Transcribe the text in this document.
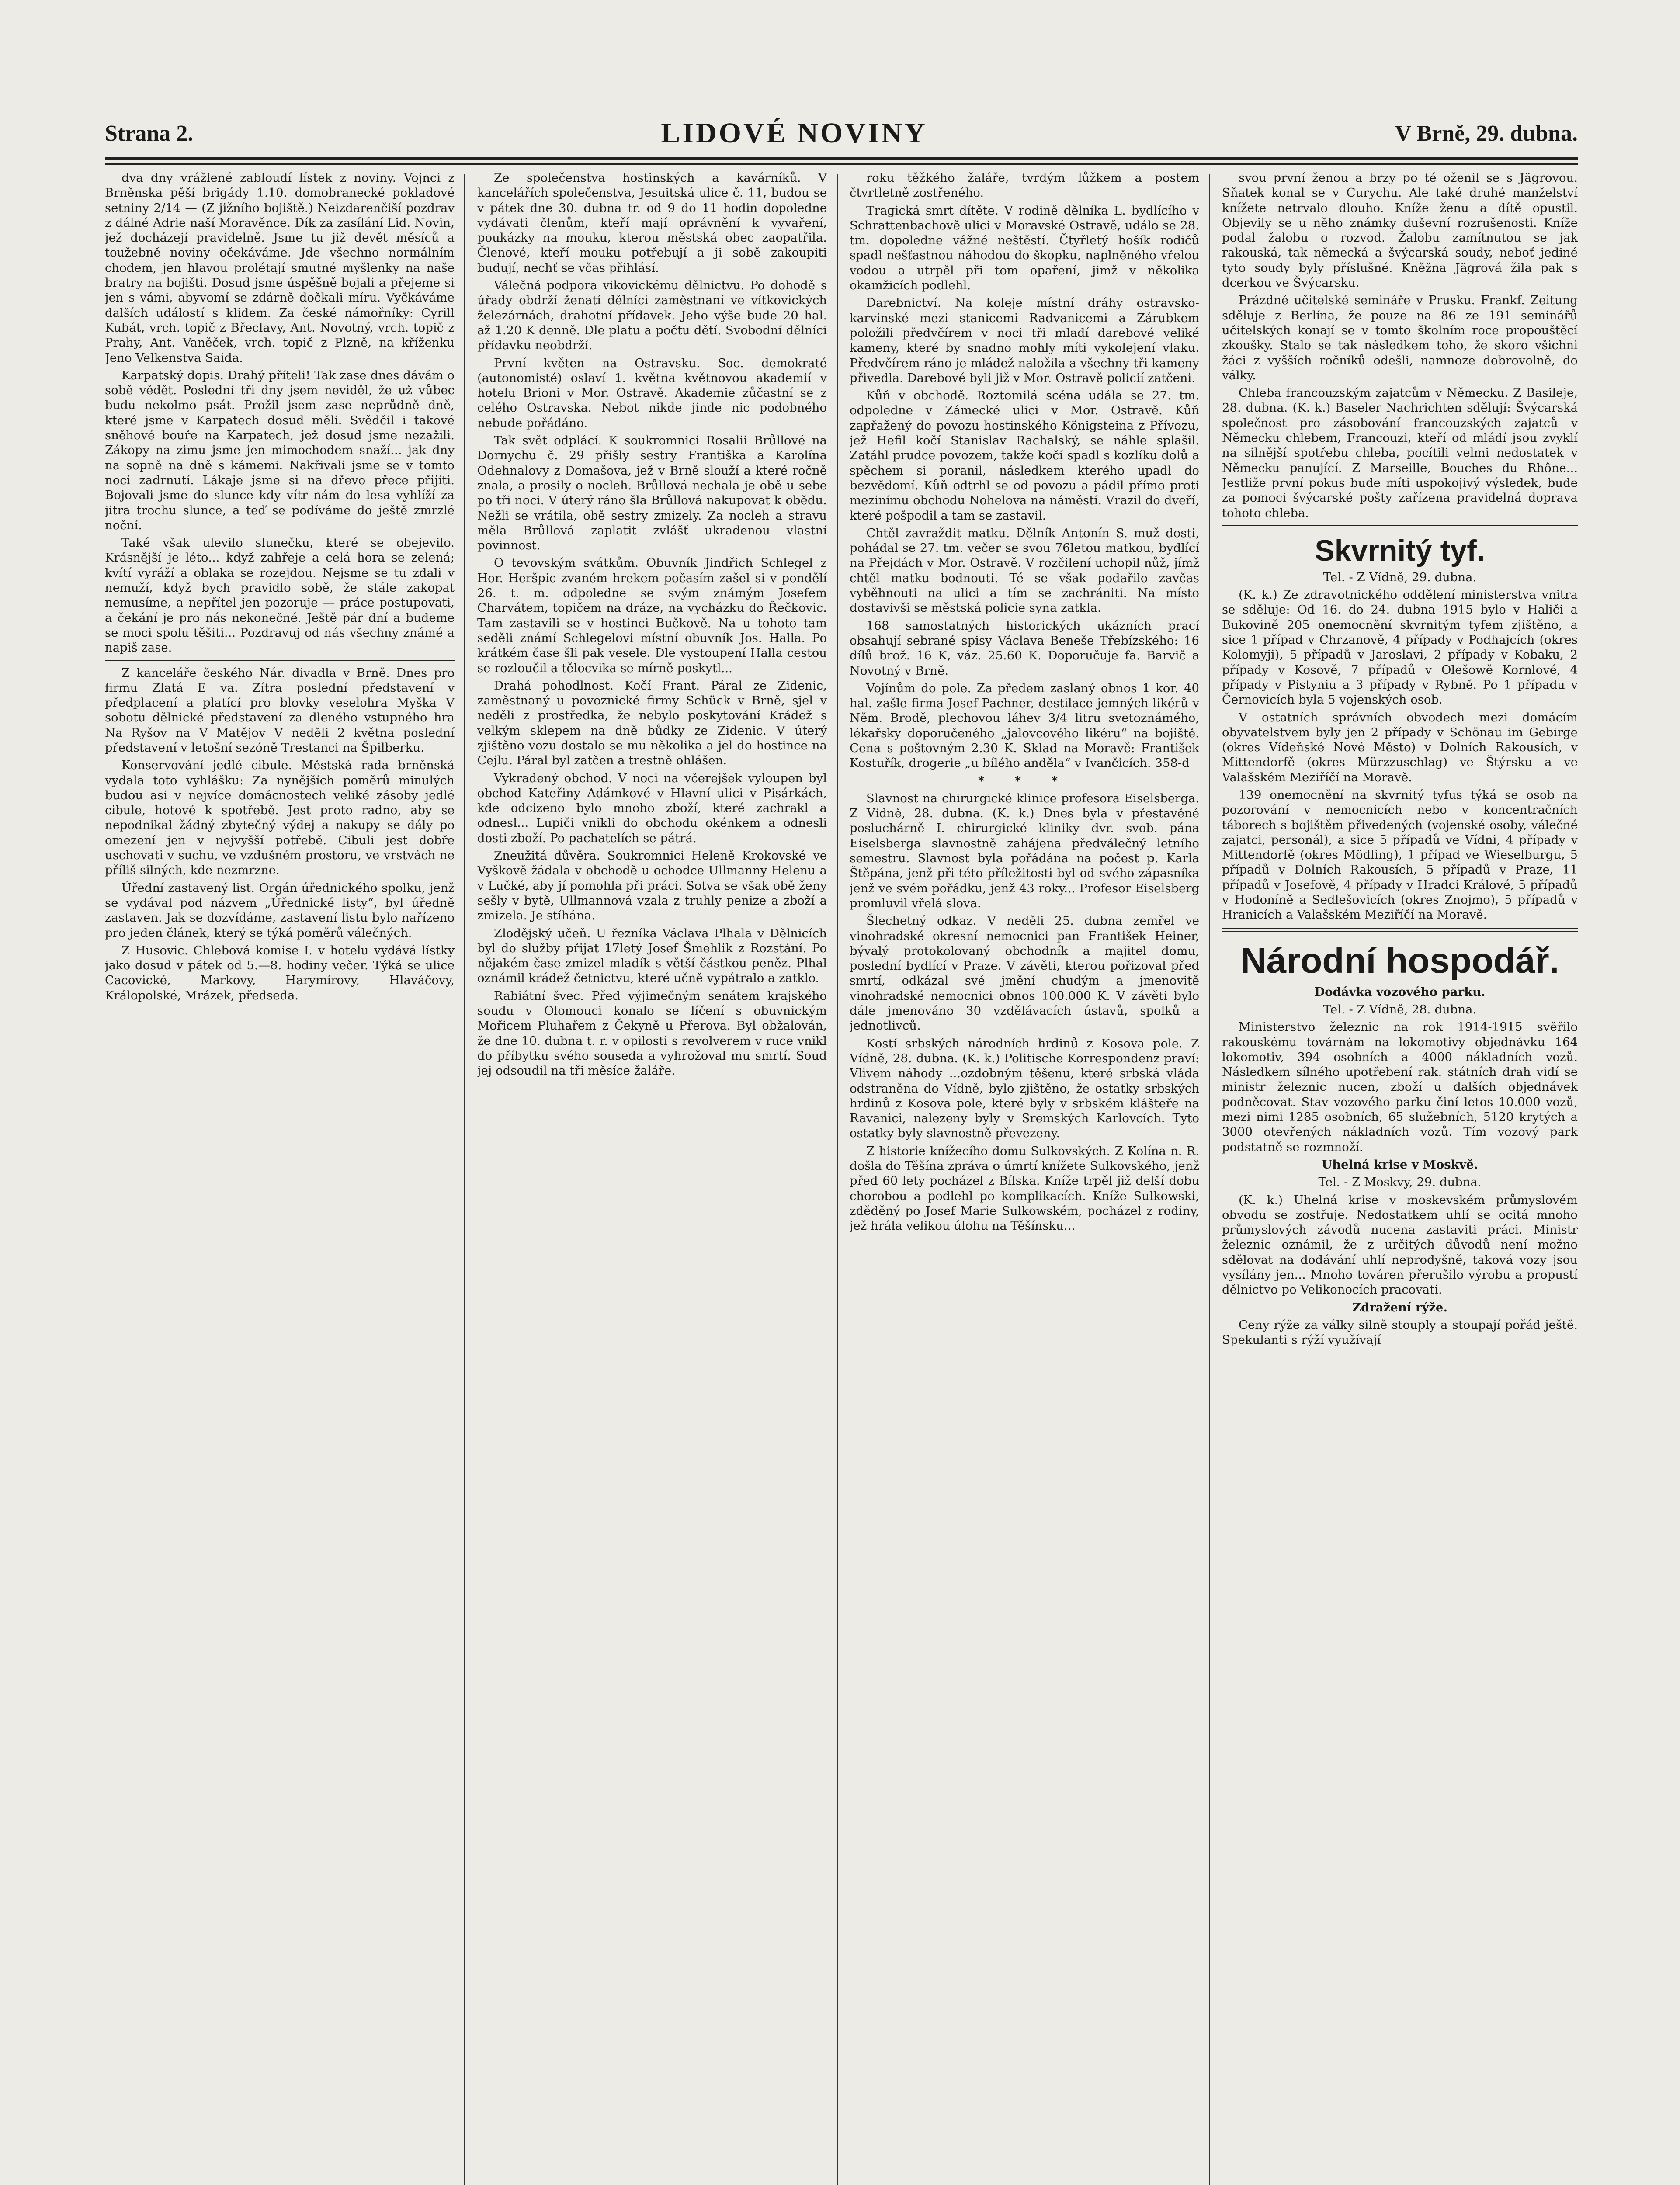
Strana 2.	LIDOVÉ NOVINY	V Brně, 29. dubna.

dva dny vrážlené zabloudí lístek z noviny. Vojnci z Brněnska pěší brigády 1.10. domobranecké pokladové setniny 2/14 — (Z jižního bojiště.) Neizdarenčiší pozdrav z dálné Adrie naší Moravěnce. Dík za zasílání Lid. Novin, jež docházejí pravidelně. Jsme tu již devět měsíců a toužebně noviny očekáváme. Jde všechno normálním chodem, jen hlavou prolétají smutné myšlenky na naše bratry na bojišti. Dosud jsme úspěšně bojali a přejeme si jen s vámi, abyvomí se zdárně dočkali míru. Vyčkáváme dalších událostí s klidem. Za české námořníky: Cyrill Kubát, vrch. topič z Břeclavy, Ant. Novotný, vrch. topič z Prahy, Ant. Vaněček, vrch. topič z Plzně, na kříženku Jeno Velkenstva Saida.

Karpatský dopis. Drahý příteli! Tak zase dnes dávám o sobě vědět. Poslední tři dny jsem neviděl, že už vůbec budu nekolmo psát. Prožil jsem zase neprůdně dně, které jsme v Karpatech dosud měli. Svědčil i takové sněhové bouře na Karpatech, jež dosud jsme nezažili. Zákopy na zimu jsme jen mimochodem snaží... jak dny na sopně na dně s kámemi. Nakřivali jsme se v tomto noci zadrnutí. Lákaje jsme si na dřevo přece přijíti. Bojovali jsme do slunce kdy vítr nám do lesa vyhlíží za jitra trochu slunce, a teď se podíváme do ještě zmrzlé noční.

Také však ulevilo slunečku, které se obejevilo. Krásnější je léto... když zahřeje a celá hora se zelená; kvítí vyráží a oblaka se rozejdou. Nejsme se tu zdali v nemuží, když bych pravidlo sobě, že stále zakopat nemusíme, a nepřítel jen pozoruje — práce postupovati, a čekání je pro nás nekonečné. Ještě pár dní a budeme se moci spolu těšiti... Pozdravuj od nás všechny známé a napiš zase.

Z kanceláře českého Nár. divadla v Brně. Dnes pro firmu Zlatá E va. Zítra poslední představení v předplacení a platící pro blovky veselohra Myška V sobotu dělnické představení za dleného vstupného hra Na Ryšov na V Matějov V neděli 2 května poslední představení v letošní sezóně Trestanci na Špilberku.

Konservování jedlé cibule. Městská rada brněnská vydala toto vyhlášku: Za nynějších poměrů minulých budou asi v nejvíce domácnostech veliké zásoby jedlé cibule, hotové k spotřebě. Jest proto radno, aby se nepodnikal žádný zbytečný výdej a nakupy se dály po omezení jen v nejvyšší potřebě. Cibuli jest dobře uschovati v suchu, ve vzdušném prostoru, ve vrstvách ne příliš silných, kde nezmrzne.

Úřední zastavený list. Orgán úřednického spolku, jenž se vydával pod názvem „Úřednické listy“, byl úředně zastaven. Jak se dozvídáme, zastavení listu bylo nařízeno pro jeden článek, který se týká poměrů válečných.

Z Husovic. Chlebová komise I. v hotelu vydává lístky jako dosud v pátek od 5.—8. hodiny večer. Týká se ulice Cacovické, Markovy, Harymírovy, Hlaváčovy, Králopolské, Mrázek, předseda.

Ze společenstva hostinských a kavárníků. V kancelářích společenstva, Jesuitská ulice č. 11, budou se v pátek dne 30. dubna tr. od 9 do 11 hodin dopoledne vydávati členům, kteří mají oprávnění k vyvaření, poukázky na mouku, kterou městská obec zaopatřila. Členové, kteří mouku potřebují a ji sobě zakoupiti budují, nechť se včas přihlásí.

Válečná podpora vikovickému dělnictvu. Po dohodě s úřady obdrží ženatí dělníci zaměstnaní ve vítkovických železárnách, drahotní přídavek. Jeho výše bude 20 hal. až 1.20 K denně. Dle platu a počtu dětí. Svobodní dělníci přídavku neobdrží.

První květen na Ostravsku. Soc. demokraté (autonomisté) oslaví 1. května květnovou akademií v hotelu Brioni v Mor. Ostravě. Akademie zůčastní se z celého Ostravska. Nebot nikde jinde nic podobného nebude pořádáno.

Tak svět odplácí. K soukromnici Rosalii Brůllové na Dornychu č. 29 přišly sestry Františka a Karolína Odehnalovy z Domašova, jež v Brně slouží a které ročně znala, a prosily o nocleh. Brůllová nechala je obě u sebe po tři noci. V úterý ráno šla Brůllová nakupovat k obědu. Nežli se vrátila, obě sestry zmizely. Za nocleh a stravu měla Brůllová zaplatit zvlášť ukradenou vlastní povinnost.

O tevovským svátkům. Obuvník Jindřich Schlegel z Hor. Heršpic zvaném hrekem počasím zašel si v pondělí 26. t. m. odpoledne se svým známým Josefem Charvátem, topičem na dráze, na vycházku do Řečkovic. Tam zastavili se v hostinci Bučkově. Na u tohoto tam seděli známí Schlegelovi místní obuvník Jos. Halla. Po krátkém čase šli pak vesele. Dle vystoupení Halla cestou se rozloučil a tělocvika se mírně poskytl...

Drahá pohodlnost. Kočí Frant. Páral ze Zidenic, zaměstnaný u povoznické firmy Schück v Brně, sjel v neděli z prostředka, že nebylo poskytování Krádež s velkým sklepem na dně bůdky ze Zidenic. V úterý zjištěno vozu dostalo se mu několika a jel do hostince na Cejlu. Páral byl zatčen a trestně ohlášen.

Vykradený obchod. V noci na včerejšek vyloupen byl obchod Kateřiny Adámkové v Hlavní ulici v Pisárkách, kde odcizeno bylo mnoho zboží, které zachrakl a odnesl... Lupiči vnikli do obchodu okénkem a odnesli dosti zboží. Po pachatelích se pátrá.

Zneužitá důvěra. Soukromnici Heleně Krokovské ve Vyškově žádala v obchodě u ochodce Ullmanny Helenu a v Lučké, aby jí pomohla při práci. Sotva se však obě ženy sešly v bytě, Ullmannová vzala z truhly penize a zboží a zmizela. Je stíhána.

Zlodějský učeň. U řezníka Václava Plhala v Dělnicích byl do služby přijat 17letý Josef Šmehlik z Rozstání. Po nějakém čase zmizel mladík s větší částkou peněz. Plhal oznámil krádež četnictvu, které učně vypátralo a zatklo.

Rabiátní švec. Před výjimečným senátem krajského soudu v Olomouci konalo se líčení s obuvnickým Mořicem Pluhařem z Čekyně u Přerova. Byl obžalován, že dne 10. dubna t. r. v opilosti s revolverem v ruce vnikl do příbytku svého souseda a vyhrožoval mu smrtí. Soud jej odsoudil na tři měsíce žaláře.

roku těžkého žaláře, tvrdým lůžkem a postem čtvrtletně zostřeného.

Tragická smrt dítěte. V rodině dělníka L. bydlícího v Schrattenbachově ulici v Moravské Ostravě, událo se 28. tm. dopoledne vážné neštěstí. Čtyřletý hošík rodičů spadl nešťastnou náhodou do škopku, naplněného vřelou vodou a utrpěl při tom opaření, jimž v několika okamžicích podlehl.

Darebnictví. Na koleje místní dráhy ostravsko-karvinské mezi stanicemi Radvanicemi a Zárubkem položili předvčírem v noci tři mladí darebové veliké kameny, které by snadno mohly míti vykolejení vlaku. Předvčírem ráno je mládež naložila a všechny tři kameny přivedla. Darebové byli již v Mor. Ostravě policií zatčeni.

Kůň v obchodě. Roztomilá scéna udála se 27. tm. odpoledne v Zámecké ulici v Mor. Ostravě. Kůň zapřažený do povozu hostinského Königsteina z Přívozu, jež Hefil kočí Stanislav Rachalský, se náhle splašil. Zatáhl prudce povozem, takže kočí spadl s kozlíku dolů a spěchem si poranil, následkem kterého upadl do bezvědomí. Kůň odtrhl se od povozu a pádil přímo proti mezinímu obchodu Nohelova na náměstí. Vrazil do dveří, které pošpodil a tam se zastavil.

Chtěl zavraždit matku. Dělník Antonín S. muž dosti, pohádal se 27. tm. večer se svou 76letou matkou, bydlící na Přejdách v Mor. Ostravě. V rozčilení uchopil nůž, jímž chtěl matku bodnouti. Té se však podařilo zavčas vyběhnouti na ulici a tím se zachrániti. Na místo dostavivši se městská policie syna zatkla.

168 samostatných historických ukázních prací obsahují sebrané spisy Václava Beneše Třebízského: 16 dílů brož. 16 K, váz. 25.60 K. Doporučuje fa. Barvič a Novotný v Brně.

Vojínům do pole. Za předem zaslaný obnos 1 kor. 40 hal. zašle firma Josef Pachner, destilace jemných likérů v Něm. Brodě, plechovou láhev 3/4 litru svetoznámého, lékařsky doporučeného „jalovcového likéru“ na bojiště. Cena s poštovným 2.30 K. Sklad na Moravě: František Kostuřík, drogerie „u bílého anděla“ v Ivančicích. 358-d

* * *

Slavnost na chirurgické klinice profesora Eiselsberga. Z Vídně, 28. dubna. (K. k.) Dnes byla v přestavěné posluchárně I. chirurgické kliniky dvr. svob. pána Eiselsberga slavnostně zahájena předválečný letního semestru. Slavnost byla pořádána na počest p. Karla Štěpána, jenž při této příležitosti byl od svého zápasníka jenž ve svém pořádku, jenž 43 roky... Profesor Eiselsberg promluvil vřelá slova.

Šlechetný odkaz. V neděli 25. dubna zemřel ve vinohradské okresní nemocnici pan František Heiner, bývalý protokolovaný obchodník a majitel domu, poslední bydlící v Praze. V závěti, kterou pořizoval před smrtí, odkázal své jmění chudým a jmenovitě vinohradské nemocnici obnos 100.000 K. V závěti bylo dále jmenováno 30 vzdělávacích ústavů, spolků a jednotlivců.

Kostí srbských národních hrdinů z Kosova pole. Z Vídně, 28. dubna. (K. k.) Politische Korrespondenz praví: Vlivem náhody ...ozdobným těšenu, které srbská vláda odstraněna do Vídně, bylo zjištěno, že ostatky srbských hrdinů z Kosova pole, které byly v srbském klášteře na Ravanici, nalezeny byly v Sremských Karlovcích. Tyto ostatky byly slavnostně převezeny.

Z historie knížecího domu Sulkovských. Z Kolína n. R. došla do Těšína zpráva o úmrtí knížete Sulkovského, jenž před 60 lety pocházel z Bílska. Kníže trpěl již delší dobu chorobou a podlehl po komplikacích. Kníže Sulkowski, zděděný po Josef Marie Sulkowském, pocházel z rodiny, jež hrála velikou úlohu na Těšínsku...

svou první ženou a brzy po té oženil se s Jägrovou. Sňatek konal se v Curychu. Ale také druhé manželství knížete netrvalo dlouho. Kníže ženu a dítě opustil. Objevily se u něho známky duševní rozrušenosti. Kníže podal žalobu o rozvod. Žalobu zamítnutou se jak rakouská, tak německá a švýcarská soudy, neboť jediné tyto soudy byly příslušné. Kněžna Jägrová žila pak s dcerkou ve Švýcarsku.

Prázdné učitelské semináře v Prusku. Frankf. Zeitung sděluje z Berlína, že pouze na 86 ze 191 seminářů učitelských konají se v tomto školním roce propouštěcí zkoušky. Stalo se tak následkem toho, že skoro všichni žáci z vyšších ročníků odešli, namnoze dobrovolně, do války.

Chleba francouzským zajatcům v Německu. Z Basileje, 28. dubna. (K. k.) Baseler Nachrichten sdělují: Švýcarská společnost pro zásobování francouzských zajatců v Německu chlebem, Francouzi, kteří od mládí jsou zvyklí na silnější spotřebu chleba, pocítili velmi nedostatek v Německu panující. Z Marseille, Bouches du Rhône... Jestliže první pokus bude míti uspokojivý výsledek, bude za pomoci švýcarské pošty zařízena pravidelná doprava tohoto chleba.

Skvrnitý tyf.

Tel. - Z Vídně, 29. dubna.

(K. k.) Ze zdravotnického oddělení ministerstva vnitra se sděluje: Od 16. do 24. dubna 1915 bylo v Haliči a Bukovině 205 onemocnění skvrnitým tyfem zjištěno, a sice 1 případ v Chrzanově, 4 případy v Podhajcích (okres Kolomyji), 5 případů v Jaroslavi, 2 případy v Kobaku, 2 případy v Kosově, 7 případů v Olešowě Kornlové, 4 případy v Pistyniu a 3 případy v Rybně. Po 1 případu v Černovicích byla 5 vojenských osob.

V ostatních správních obvodech mezi domácím obyvatelstvem byly jen 2 případy v Schönau im Gebirge (okres Vídeňské Nové Město) v Dolních Rakousích, v Mittendorfě (okres Mürzzuschlag) ve Štýrsku a ve Valašském Meziříčí na Moravě.

139 onemocnění na skvrnitý tyfus týká se osob na pozorování v nemocnicích nebo v koncentračních táborech s bojištěm přivedených (vojenské osoby, válečné zajatci, personál), a sice 5 případů ve Vídni, 4 případy v Mittendorfě (okres Mödling), 1 případ ve Wieselburgu, 5 případů v Dolních Rakousích, 5 případů v Praze, 11 případů v Josefově, 4 případy v Hradci Králové, 5 případů v Hodoníně a Sedlešovicích (okres Znojmo), 5 případů v Hranicích a Valašském Meziříčí na Moravě.

Národní hospodář.

Dodávka vozového parku.

Tel. - Z Vídně, 28. dubna.

Ministerstvo železnic na rok 1914-1915 svěřilo rakouskému továrnám na lokomotivy objednávku 164 lokomotiv, 394 osobních a 4000 nákladních vozů. Následkem sílného upotřebení rak. státních drah vidí se ministr železnic nucen, zboží u dalších objednávek podněcovat. Stav vozového parku činí letos 10.000 vozů, mezi nimi 1285 osobních, 65 služebních, 5120 krytých a 3000 otevřených nákladních vozů. Tím vozový park podstatně se rozmnoží.

Uhelná krise v Moskvě.

Tel. - Z Moskvy, 29. dubna.

(K. k.) Uhelná krise v moskevském průmyslovém obvodu se zostřuje. Nedostatkem uhlí se ocitá mnoho průmyslových závodů nucena zastaviti práci. Ministr železnic oznámil, že z určitých důvodů není možno sdělovat na dodávání uhlí neprodyšně, taková vozy jsou vysílány jen... Mnoho továren přerušilo výrobu a propustí dělnictvo po Velikonocích pracovati.

Zdražení rýže.

Ceny rýže za války silně stouply a stoupají pořád ještě. Spekulanti s rýží využívají
